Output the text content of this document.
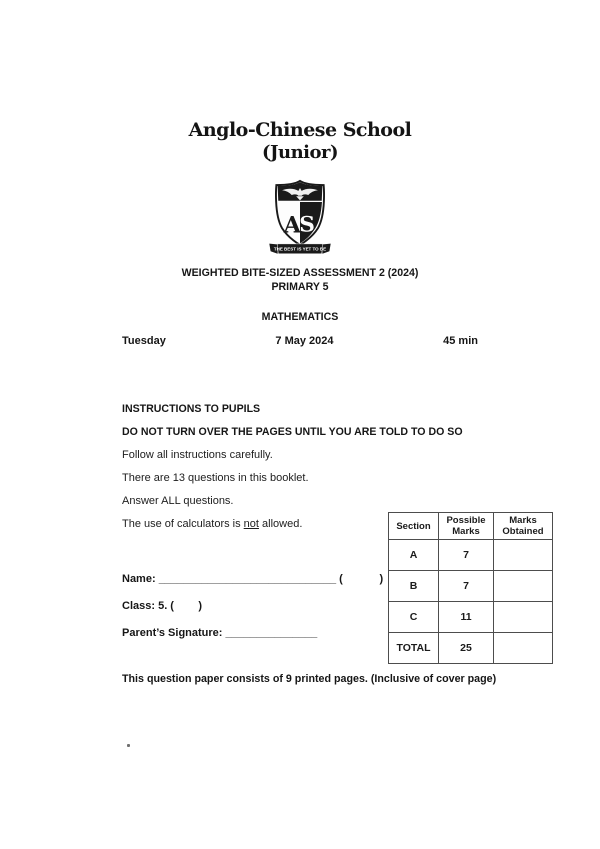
Anglo-Chinese School
(Junior)
A
S
THE BEST IS YET TO BE
WEIGHTED BITE-SIZED ASSESSMENT 2 (2024)
PRIMARY 5
MATHEMATICS
Tuesday	7 May 2024	45 min
INSTRUCTIONS TO PUPILS
DO NOT TURN OVER THE PAGES UNTIL YOU ARE TOLD TO DO SO
Follow all instructions carefully.
There are 13 questions in this booklet.
Answer ALL questions.
The use of calculators is not allowed.	Section	Possible Marks	Marks Obtained
A	7	
B	7	
C	11	
TOTAL	25	
Name: _____________________________ (            )
Class: 5. (        )
Parent’s Signature: _______________
This question paper consists of 9 printed pages. (Inclusive of cover page)
